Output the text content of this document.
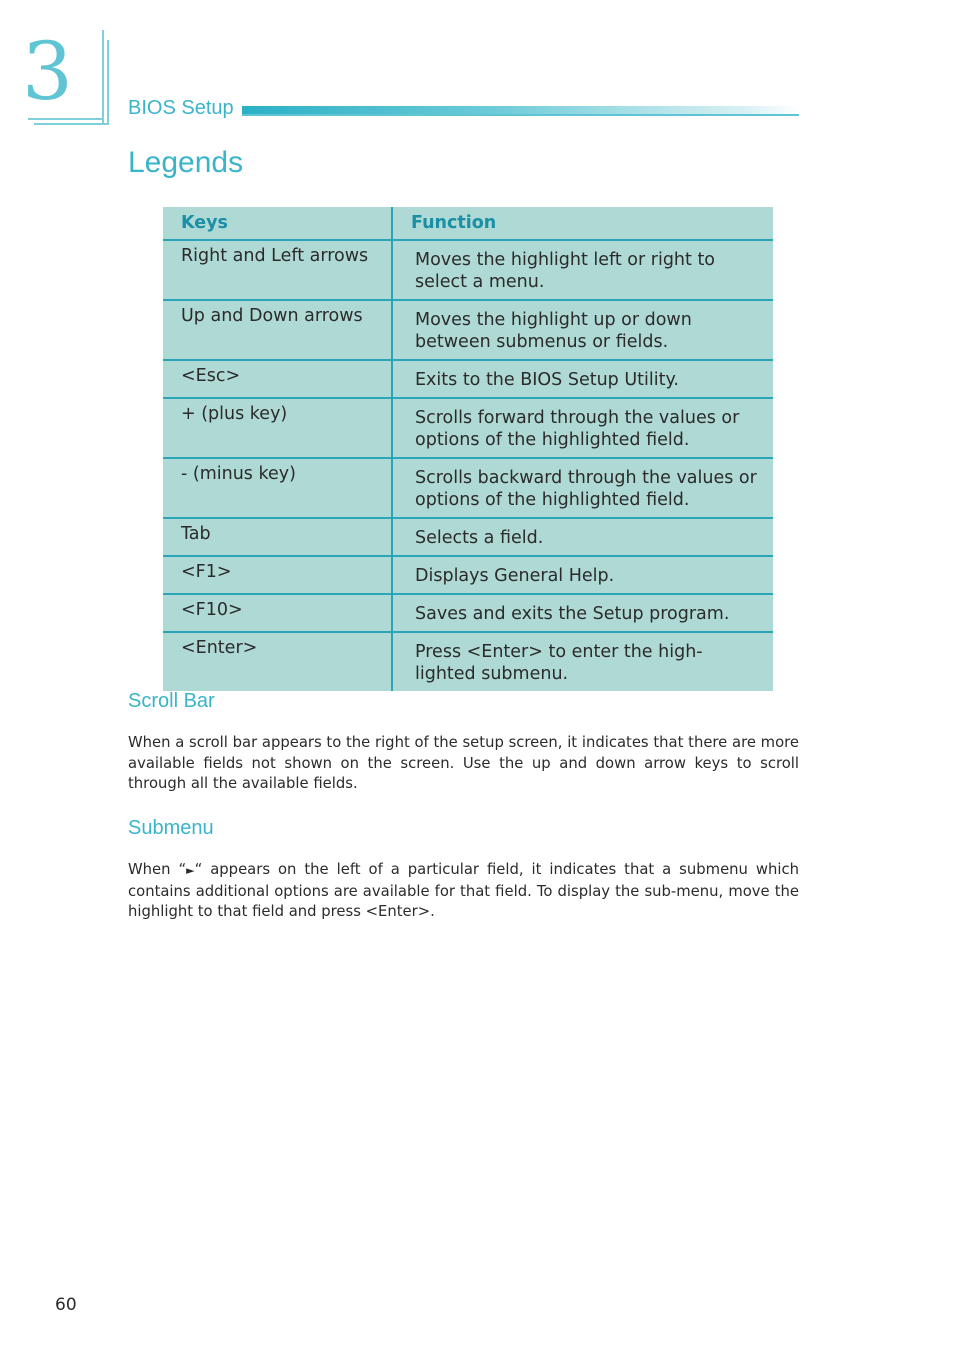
3	BIOS Setup
Legends
Keys	Function
Right and Left arrows	Moves the highlight left or right to select a menu.
Up and Down arrows	Moves the highlight up or down between submenus or fields.
<Esc>	Exits to the BIOS Setup Utility.
+ (plus key)	Scrolls forward through the values or options of the highlighted field.
- (minus key)	Scrolls backward through the values or options of the highlighted field.
Tab	Selects a field.
<F1>	Displays General Help.
<F10>	Saves and exits the Setup program.
<Enter>	Press <Enter> to enter the high-lighted submenu.
Scroll Bar
When a scroll bar appears to the right of the setup screen, it indicates that there are more available fields not shown on the screen. Use the up and down arrow keys to scroll through all the available fields.
Submenu
When “►“ appears on the left of a particular field, it indicates that a submenu which contains additional options are available for that field. To display the sub-menu, move the highlight to that field and press <Enter>.
60
